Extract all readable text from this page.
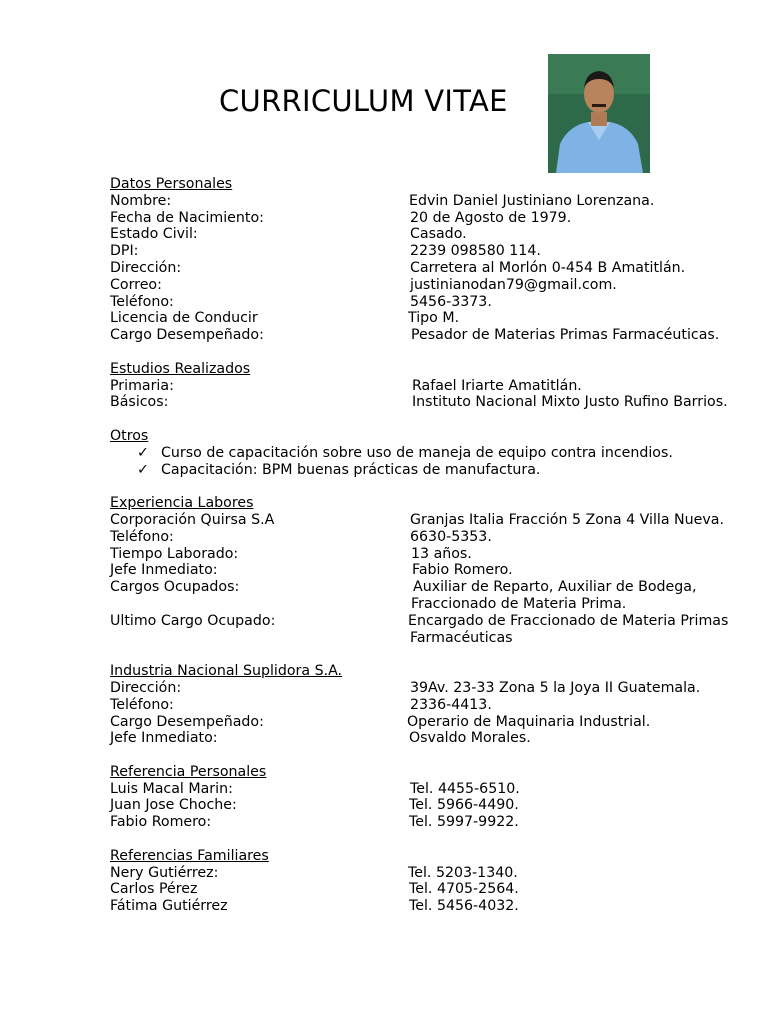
CURRICULUM VITAE
Datos Personales
Nombre:	Edvin Daniel Justiniano Lorenzana.
Fecha de Nacimiento:	20 de Agosto de 1979.
Estado Civil:	Casado.
DPI:	2239 098580 114.
Dirección:	Carretera al Morlón 0-454 B Amatitlán.
Correo:	justinianodan79@gmail.com.
Teléfono:	5456-3373.
Licencia de Conducir	Tipo M.
Cargo Desempeñado:	Pesador de Materias Primas Farmacéuticas.
Estudios Realizados
Primaria:	Rafael Iriarte Amatitlán.
Básicos:	Instituto Nacional Mixto Justo Rufino Barrios.
Otros
✓ Curso de capacitación sobre uso de maneja de equipo contra incendios.
✓ Capacitación: BPM buenas prácticas de manufactura.
Experiencia Labores
Corporación Quirsa S.A	Granjas Italia Fracción 5 Zona 4 Villa Nueva.
Teléfono:	6630-5353.
Tiempo Laborado:	13 años.
Jefe Inmediato:	Fabio Romero.
Cargos Ocupados:	Auxiliar de Reparto, Auxiliar de Bodega,
Fraccionado de Materia Prima.
Ultimo Cargo Ocupado:	Encargado de Fraccionado de Materia Primas
Farmacéuticas
Industria Nacional Suplidora S.A.
Dirección:	39Av. 23-33 Zona 5 la Joya II Guatemala.
Teléfono:	2336-4413.
Cargo Desempeñado:	Operario de Maquinaria Industrial.
Jefe Inmediato:	Osvaldo Morales.
Referencia Personales
Luis Macal Marin:	Tel. 4455-6510.
Juan Jose Choche:	Tel. 5966-4490.
Fabio Romero:	Tel. 5997-9922.
Referencias Familiares
Nery Gutiérrez:	Tel. 5203-1340.
Carlos Pérez	Tel. 4705-2564.
Fátima Gutiérrez	Tel. 5456-4032.
